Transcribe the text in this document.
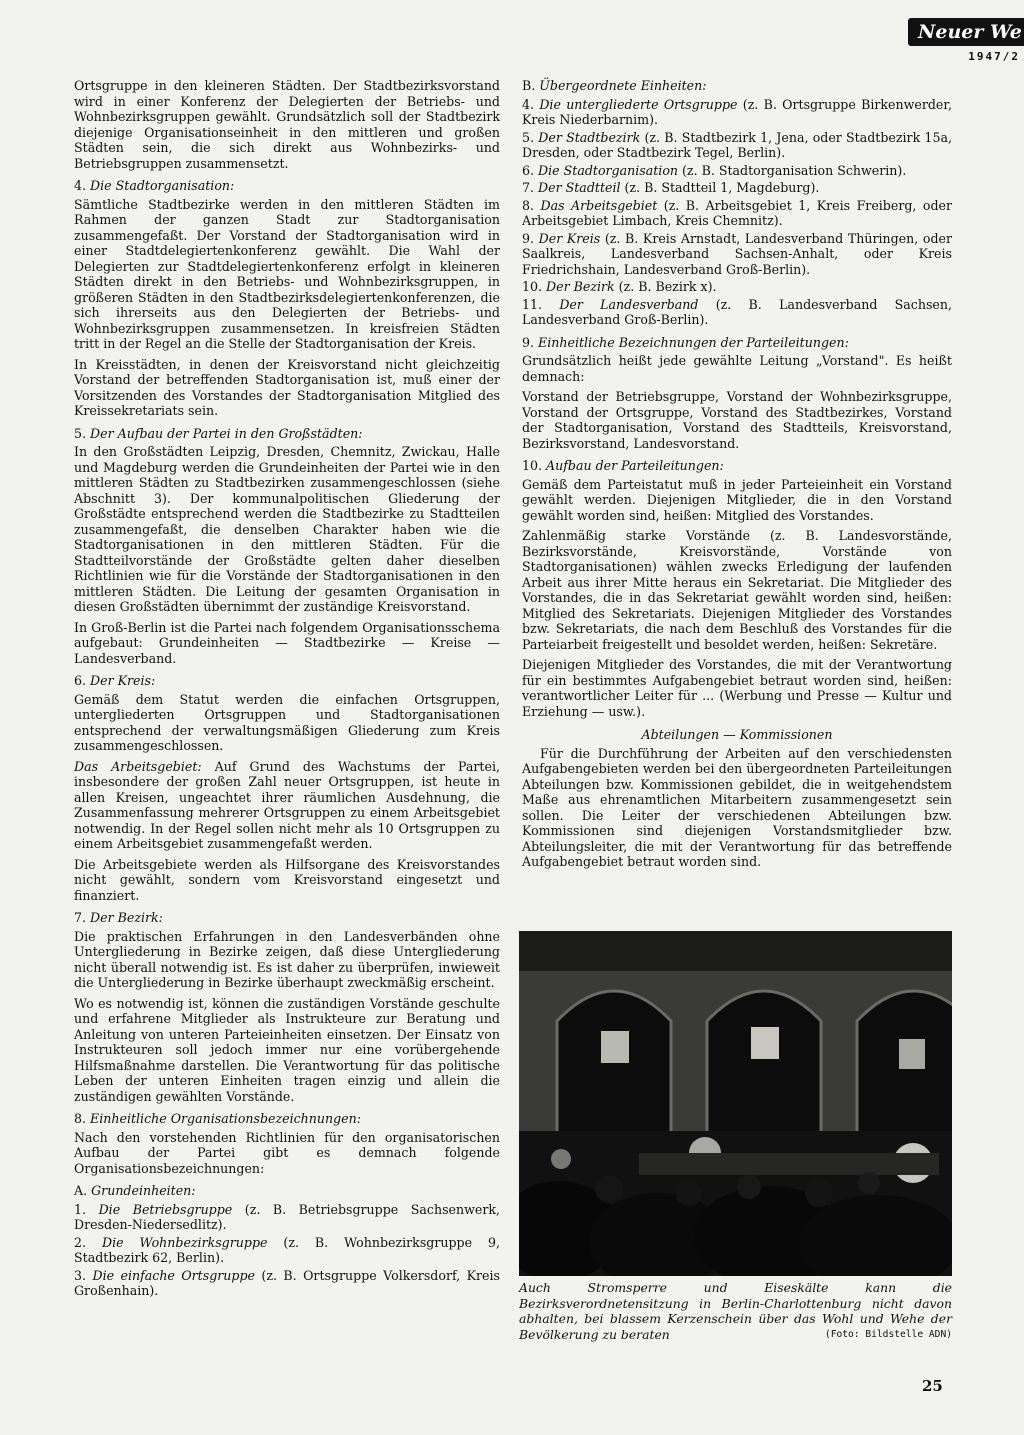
Neuer We
1947/2

Ortsgruppe in den kleineren Städten. Der Stadtbezirksvorstand wird in einer Konferenz der Delegierten der Betriebs- und Wohnbezirksgruppen gewählt. Grundsätzlich soll der Stadtbezirk diejenige Organisationseinheit in den mittleren und großen Städten sein, die sich direkt aus Wohnbezirks- und Betriebsgruppen zusammensetzt.

4. Die Stadtorganisation:

Sämtliche Stadtbezirke werden in den mittleren Städten im Rahmen der ganzen Stadt zur Stadtorganisation zusammengefaßt. Der Vorstand der Stadtorganisation wird in einer Stadtdelegiertenkonferenz gewählt. Die Wahl der Delegierten zur Stadtdelegiertenkonferenz erfolgt in kleineren Städten direkt in den Betriebs- und Wohnbezirksgruppen, in größeren Städten in den Stadtbezirksdelegiertenkonferenzen, die sich ihrerseits aus den Delegierten der Betriebs- und Wohnbezirksgruppen zusammensetzen. In kreisfreien Städten tritt in der Regel an die Stelle der Stadtorganisation der Kreis.

In Kreisstädten, in denen der Kreisvorstand nicht gleichzeitig Vorstand der betreffenden Stadtorganisation ist, muß einer der Vorsitzenden des Vorstandes der Stadtorganisation Mitglied des Kreissekretariats sein.

5. Der Aufbau der Partei in den Großstädten:

In den Großstädten Leipzig, Dresden, Chemnitz, Zwickau, Halle und Magdeburg werden die Grundeinheiten der Partei wie in den mittleren Städten zu Stadtbezirken zusammengeschlossen (siehe Abschnitt 3). Der kommunalpolitischen Gliederung der Großstädte entsprechend werden die Stadtbezirke zu Stadtteilen zusammengefaßt, die denselben Charakter haben wie die Stadtorganisationen in den mittleren Städten. Für die Stadtteilvorstände der Großstädte gelten daher dieselben Richtlinien wie für die Vorstände der Stadtorganisationen in den mittleren Städten. Die Leitung der gesamten Organisation in diesen Großstädten übernimmt der zuständige Kreisvorstand.

In Groß-Berlin ist die Partei nach folgendem Organisationsschema aufgebaut: Grundeinheiten — Stadtbezirke — Kreise — Landesverband.

6. Der Kreis:

Gemäß dem Statut werden die einfachen Ortsgruppen, untergliederten Ortsgruppen und Stadtorganisationen entsprechend der verwaltungsmäßigen Gliederung zum Kreis zusammengeschlossen.

Das Arbeitsgebiet: Auf Grund des Wachstums der Partei, insbesondere der großen Zahl neuer Ortsgruppen, ist heute in allen Kreisen, ungeachtet ihrer räumlichen Ausdehnung, die Zusammenfassung mehrerer Ortsgruppen zu einem Arbeitsgebiet notwendig. In der Regel sollen nicht mehr als 10 Ortsgruppen zu einem Arbeitsgebiet zusammengefaßt werden.

Die Arbeitsgebiete werden als Hilfsorgane des Kreisvorstandes nicht gewählt, sondern vom Kreisvorstand eingesetzt und finanziert.

7. Der Bezirk:

Die praktischen Erfahrungen in den Landesverbänden ohne Untergliederung in Bezirke zeigen, daß diese Untergliederung nicht überall notwendig ist. Es ist daher zu überprüfen, inwieweit die Untergliederung in Bezirke überhaupt zweckmäßig erscheint.

Wo es notwendig ist, können die zuständigen Vorstände geschulte und erfahrene Mitglieder als Instrukteure zur Beratung und Anleitung von unteren Parteieinheiten einsetzen. Der Einsatz von Instrukteuren soll jedoch immer nur eine vorübergehende Hilfsmaßnahme darstellen. Die Verantwortung für das politische Leben der unteren Einheiten tragen einzig und allein die zuständigen gewählten Vorstände.

8. Einheitliche Organisationsbezeichnungen:

Nach den vorstehenden Richtlinien für den organisatorischen Aufbau der Partei gibt es demnach folgende Organisationsbezeichnungen:

A. Grundeinheiten:

1. Die Betriebsgruppe (z. B. Betriebsgruppe Sachsenwerk, Dresden-Niedersedlitz).

2. Die Wohnbezirksgruppe (z. B. Wohnbezirksgruppe 9, Stadtbezirk 62, Berlin).

3. Die einfache Ortsgruppe (z. B. Ortsgruppe Volkersdorf, Kreis Großenhain).

B. Übergeordnete Einheiten:

4. Die untergliederte Ortsgruppe (z. B. Ortsgruppe Birkenwerder, Kreis Niederbarnim).

5. Der Stadtbezirk (z. B. Stadtbezirk 1, Jena, oder Stadtbezirk 15a, Dresden, oder Stadtbezirk Tegel, Berlin).

6. Die Stadtorganisation (z. B. Stadtorganisation Schwerin).

7. Der Stadtteil (z. B. Stadtteil 1, Magdeburg).

8. Das Arbeitsgebiet (z. B. Arbeitsgebiet 1, Kreis Freiberg, oder Arbeitsgebiet Limbach, Kreis Chemnitz).

9. Der Kreis (z. B. Kreis Arnstadt, Landesverband Thüringen, oder Saalkreis, Landesverband Sachsen-Anhalt, oder Kreis Friedrichshain, Landesverband Groß-Berlin).

10. Der Bezirk (z. B. Bezirk x).

11. Der Landesverband (z. B. Landesverband Sachsen, Landesverband Groß-Berlin).

9. Einheitliche Bezeichnungen der Parteileitungen:

Grundsätzlich heißt jede gewählte Leitung „Vorstand". Es heißt demnach:

Vorstand der Betriebsgruppe, Vorstand der Wohnbezirksgruppe, Vorstand der Ortsgruppe, Vorstand des Stadtbezirkes, Vorstand der Stadtorganisation, Vorstand des Stadtteils, Kreisvorstand, Bezirksvorstand, Landesvorstand.

10. Aufbau der Parteileitungen:

Gemäß dem Parteistatut muß in jeder Parteieinheit ein Vorstand gewählt werden. Diejenigen Mitglieder, die in den Vorstand gewählt worden sind, heißen: Mitglied des Vorstandes.

Zahlenmäßig starke Vorstände (z. B. Landesvorstände, Bezirksvorstände, Kreisvorstände, Vorstände von Stadtorganisationen) wählen zwecks Erledigung der laufenden Arbeit aus ihrer Mitte heraus ein Sekretariat. Die Mitglieder des Vorstandes, die in das Sekretariat gewählt worden sind, heißen: Mitglied des Sekretariats. Diejenigen Mitglieder des Vorstandes bzw. Sekretariats, die nach dem Beschluß des Vorstandes für die Parteiarbeit freigestellt und besoldet werden, heißen: Sekretäre.

Diejenigen Mitglieder des Vorstandes, die mit der Verantwortung für ein bestimmtes Aufgabengebiet betraut worden sind, heißen: verantwortlicher Leiter für ... (Werbung und Presse — Kultur und Erziehung — usw.).

Abteilungen — Kommissionen

Für die Durchführung der Arbeiten auf den verschiedensten Aufgabengebieten werden bei den übergeordneten Parteileitungen Abteilungen bzw. Kommissionen gebildet, die in weitgehendstem Maße aus ehrenamtlichen Mitarbeitern zusammengesetzt sein sollen. Die Leiter der verschiedenen Abteilungen bzw. Kommissionen sind diejenigen Vorstandsmitglieder bzw. Abteilungsleiter, die mit der Verantwortung für das betreffende Aufgabengebiet betraut worden sind.

Auch Stromsperre und Eiseskälte kann die Bezirksverordnetensitzung in Berlin-Charlottenburg nicht davon abhalten, bei blassem Kerzenschein über das Wohl und Wehe der Bevölkerung zu beraten	(Foto: Bildstelle ADN)
25
